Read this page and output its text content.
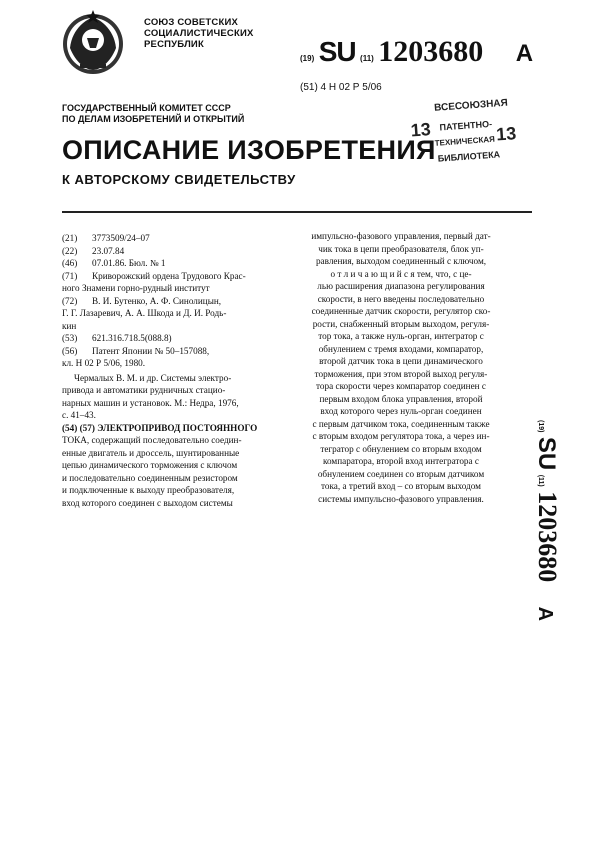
СОЮЗ СОВЕТСКИХ
СОЦИАЛИСТИЧЕСКИХ
РЕСПУБЛИК
(19) SU (11) 1203680 A
(51) 4 Н 02 Р 5/06
ВСЕСОЮЗНАЯ
13 ПАТЕНТНО- 13
ТЕХНИЧЕСКАЯ
БИБЛИОТЕКА
ГОСУДАРСТВЕННЫЙ КОМИТЕТ СССР
ПО ДЕЛАМ ИЗОБРЕТЕНИЙ И ОТКРЫТИЙ
ОПИСАНИЕ ИЗОБРЕТЕНИЯ
К АВТОРСКОМУ СВИДЕТЕЛЬСТВУ
(21) 3773509/24–07
(22) 23.07.84
(46) 07.01.86. Бюл. № 1
(71) Криворожский ордена Трудового Крас-
ного Знамени горно-рудный институт
(72) В. И. Бутенко, А. Ф. Синолицын,
Г. Г. Лазаревич, А. А. Шкода и Д. И. Родь-
кин
(53) 621.316.718.5(088.8)
(56) Патент Японии № 50–157088,
кл. Н 02 Р 5/06, 1980.
Чермалых В. М. и др. Системы электро-
привода и автоматики рудничных стацио-
нарных машин и установок. М.: Недра, 1976,
с. 41–43.
(54) (57) ЭЛЕКТРОПРИВОД ПОСТОЯННОГО
ТОКА, содержащий последовательно соедин-
енные двигатель и дроссель, шунтированные
цепью динамического торможения с ключом
и последовательно соединенным резистором
и подключенные к выходу преобразователя,
вход которого соединен с выходом системы
импульсно-фазового управления, первый дат-
чик тока в цепи преобразователя, блок уп-
равления, выходом соединенный с ключом,
о т л и ч а ю щ и й с я тем, что, с це-
лью расширения диапазона регулирования
скорости, в него введены последовательно
соединенные датчик скорости, регулятор ско-
рости, снабженный вторым выходом, регуля-
тор тока, а также нуль-орган, интегратор с
обнулением с тремя входами, компаратор,
второй датчик тока в цепи динамического
торможения, при этом второй выход регуля-
тора скорости через компаратор соединен с
первым входом блока управления, второй
вход которого через нуль-орган соединен
с первым датчиком тока, соединенным также
с вторым входом регулятора тока, а через ин-
тегратор с обнулением со вторым входом
компаратора, второй вход интегратора с
обнулением соединен со вторым датчиком
тока, а третий вход – со вторым выходом
системы импульсно-фазового управления.
(19) SU (11) 1203680 A
